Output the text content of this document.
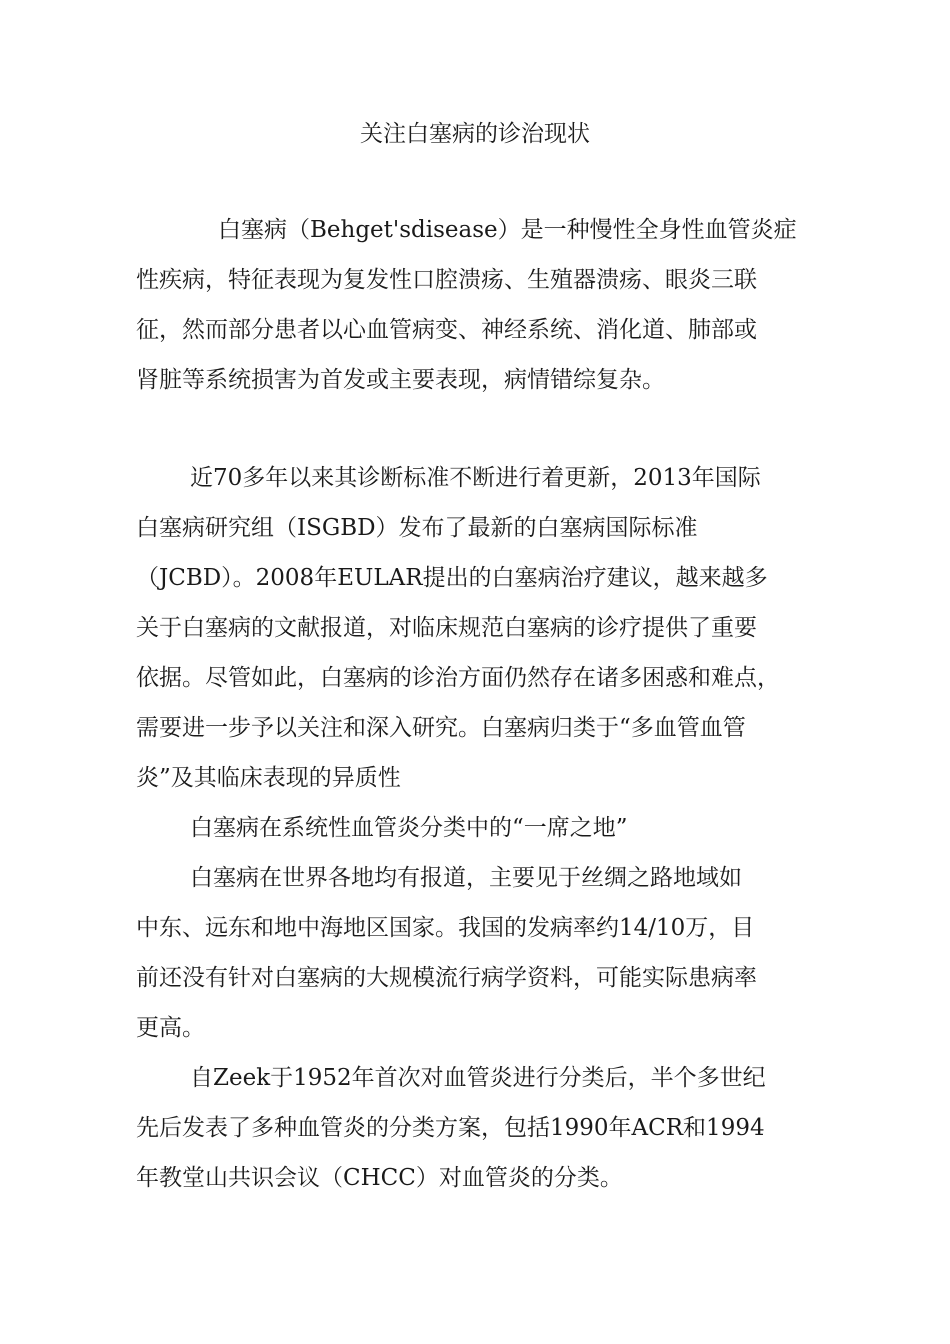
关注白塞病的诊治现状
白塞病（Behget'sdisease）是一种慢性全身性血管炎症
性疾病，特征表现为复发性口腔溃疡、生殖器溃疡、眼炎三联
征，然而部分患者以心血管病变、神经系统、消化道、肺部或
肾脏等系统损害为首发或主要表现，病情错综复杂。
近70多年以来其诊断标准不断进行着更新，2013年国际
白塞病研究组（ISGBD）发布了最新的白塞病国际标准
（JCBD）。2008年EULAR提出的白塞病治疗建议，越来越多
关于白塞病的文献报道，对临床规范白塞病的诊疗提供了重要
依据。尽管如此，白塞病的诊治方面仍然存在诸多困惑和难点，
需要进一步予以关注和深入研究。白塞病归类于“多血管血管
炎”及其临床表现的异质性
白塞病在系统性血管炎分类中的“一席之地”
白塞病在世界各地均有报道，主要见于丝绸之路地域如
中东、远东和地中海地区国家。我国的发病率约14/10万，目
前还没有针对白塞病的大规模流行病学资料，可能实际患病率
更高。
自Zeek于1952年首次对血管炎进行分类后，半个多世纪
先后发表了多种血管炎的分类方案，包括1990年ACR和1994
年教堂山共识会议（CHCC）对血管炎的分类。
